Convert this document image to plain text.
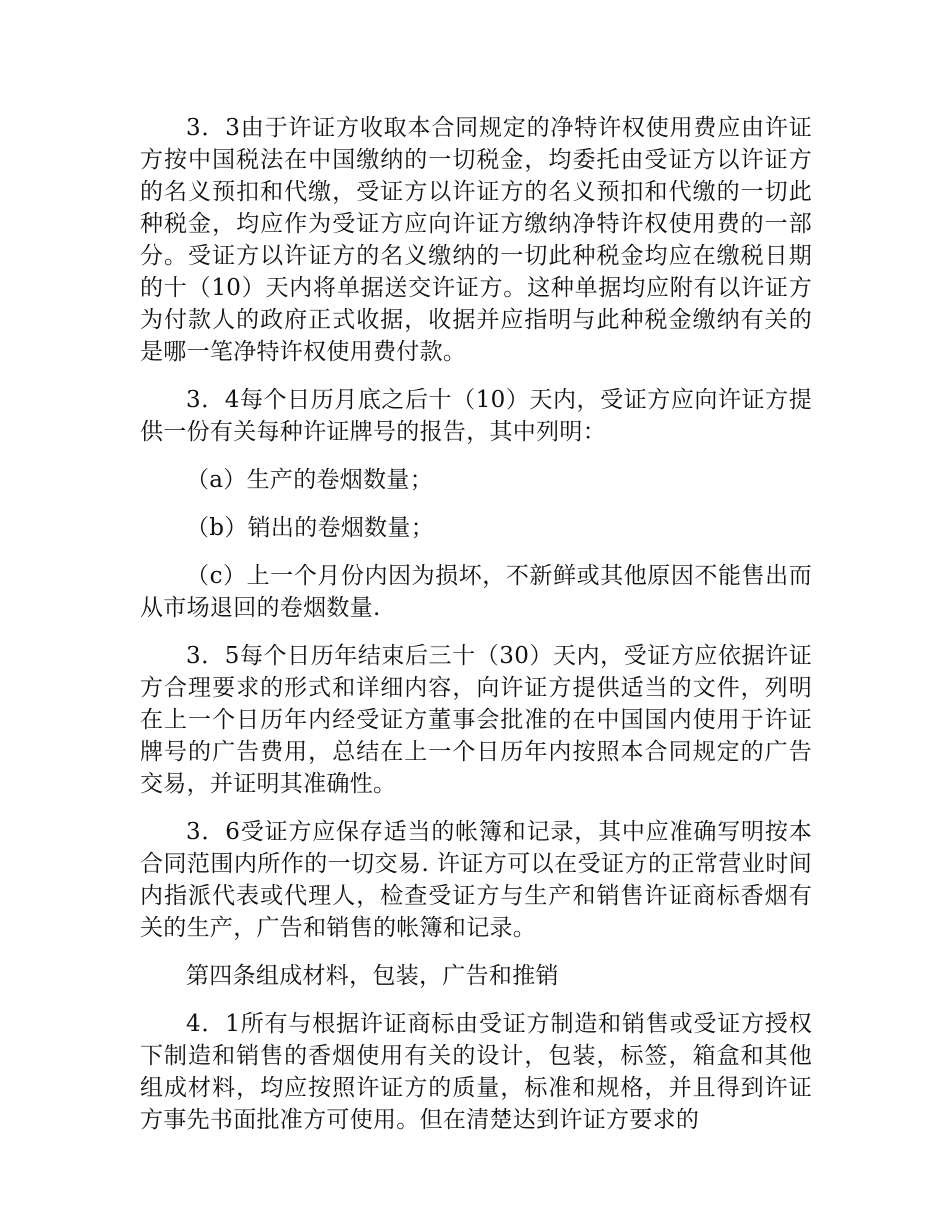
3．3由于许证方收取本合同规定的净特许权使用费应由许证方按中国税法在中国缴纳的一切税金，均委托由受证方以许证方的名义预扣和代缴，受证方以许证方的名义预扣和代缴的一切此种税金，均应作为受证方应向许证方缴纳净特许权使用费的一部分。受证方以许证方的名义缴纳的一切此种税金均应在缴税日期的十（10）天内将单据送交许证方。这种单据均应附有以许证方为付款人的政府正式收据，收据并应指明与此种税金缴纳有关的是哪一笔净特许权使用费付款。

3．4每个日历月底之后十（10）天内，受证方应向许证方提供一份有关每种许证牌号的报告，其中列明：

（a）生产的卷烟数量；

（b）销出的卷烟数量；

（c）上一个月份内因为损坏，不新鲜或其他原因不能售出而从市场退回的卷烟数量.

3．5每个日历年结束后三十（30）天内，受证方应依据许证方合理要求的形式和详细内容，向许证方提供适当的文件，列明在上一个日历年内经受证方董事会批准的在中国国内使用于许证牌号的广告费用，总结在上一个日历年内按照本合同规定的广告交易，并证明其准确性。

3．6受证方应保存适当的帐簿和记录，其中应准确写明按本合同范围内所作的一切交易. 许证方可以在受证方的正常营业时间内指派代表或代理人，检查受证方与生产和销售许证商标香烟有关的生产，广告和销售的帐簿和记录。

第四条组成材料，包装，广告和推销

4．1所有与根据许证商标由受证方制造和销售或受证方授权下制造和销售的香烟使用有关的设计，包装，标签，箱盒和其他组成材料，均应按照许证方的质量，标准和规格，并且得到许证方事先书面批准方可使用。但在清楚达到许证方要求的
